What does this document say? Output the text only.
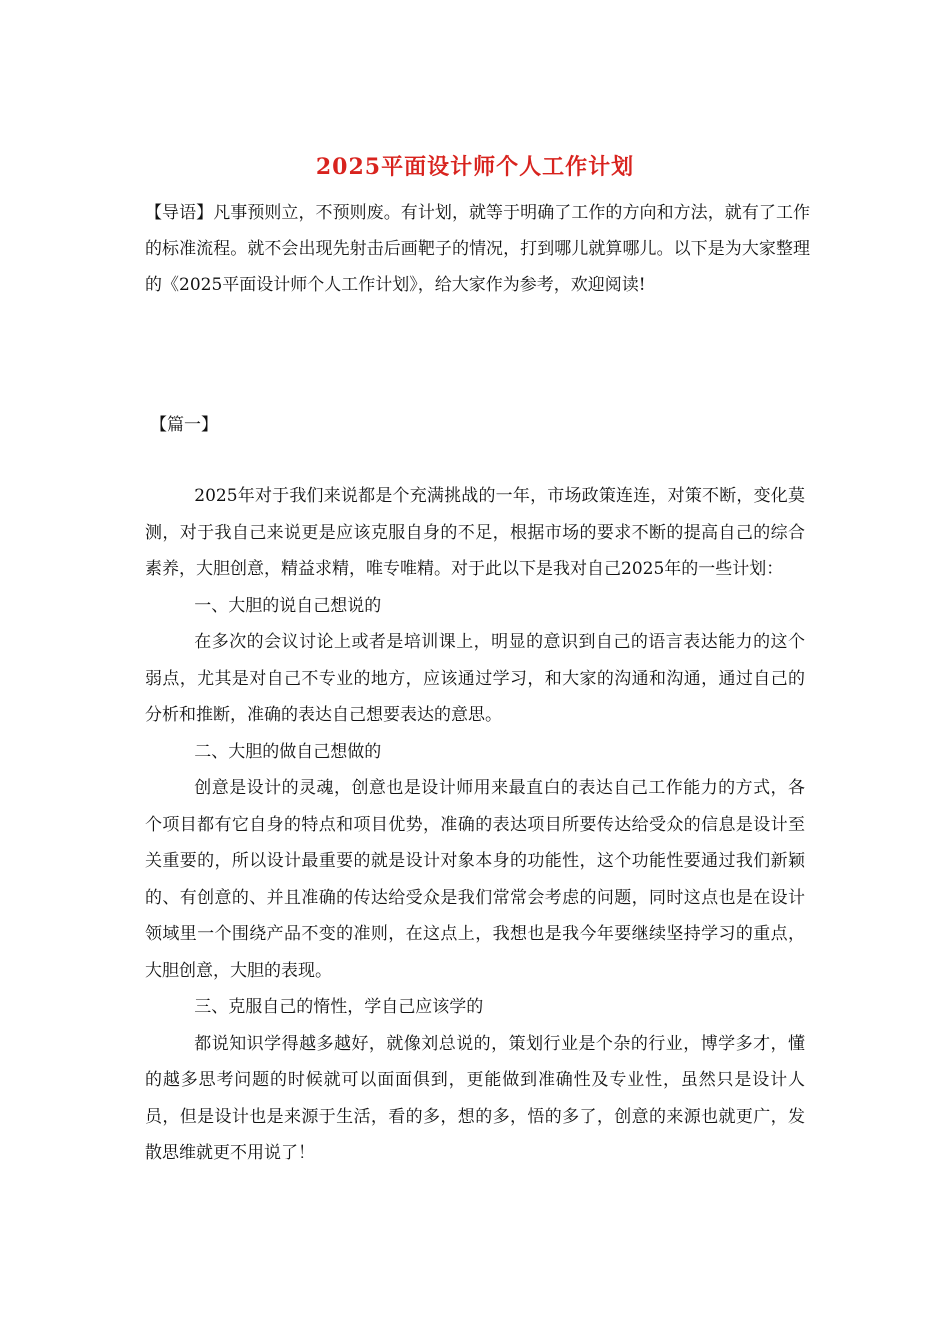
2025平面设计师个人工作计划
【导语】凡事预则立，不预则废。有计划，就等于明确了工作的方向和方法，就有了工作的标准流程。就不会出现先射击后画靶子的情况，打到哪儿就算哪儿。以下是为大家整理的《2025平面设计师个人工作计划》，给大家作为参考，欢迎阅读!
【篇一】

2025年对于我们来说都是个充满挑战的一年，市场政策连连，对策不断，变化莫测，对于我自己来说更是应该克服自身的不足，根据市场的要求不断的提高自己的综合素养，大胆创意，精益求精，唯专唯精。对于此以下是我对自己2025年的一些计划：

一、大胆的说自己想说的

在多次的会议讨论上或者是培训课上，明显的意识到自己的语言表达能力的这个弱点，尤其是对自己不专业的地方，应该通过学习，和大家的沟通和沟通，通过自己的分析和推断，准确的表达自己想要表达的意思。

二、大胆的做自己想做的

创意是设计的灵魂，创意也是设计师用来最直白的表达自己工作能力的方式，各个项目都有它自身的特点和项目优势，准确的表达项目所要传达给受众的信息是设计至关重要的，所以设计最重要的就是设计对象本身的功能性，这个功能性要通过我们新颖的、有创意的、并且准确的传达给受众是我们常常会考虑的问题，同时这点也是在设计领域里一个围绕产品不变的准则，在这点上，我想也是我今年要继续坚持学习的重点，大胆创意，大胆的表现。

三、克服自己的惰性，学自己应该学的

都说知识学得越多越好，就像刘总说的，策划行业是个杂的行业，博学多才，懂的越多思考问题的时候就可以面面俱到，更能做到准确性及专业性，虽然只是设计人员，但是设计也是来源于生活，看的多，想的多，悟的多了，创意的来源也就更广，发散思维就更不用说了！
